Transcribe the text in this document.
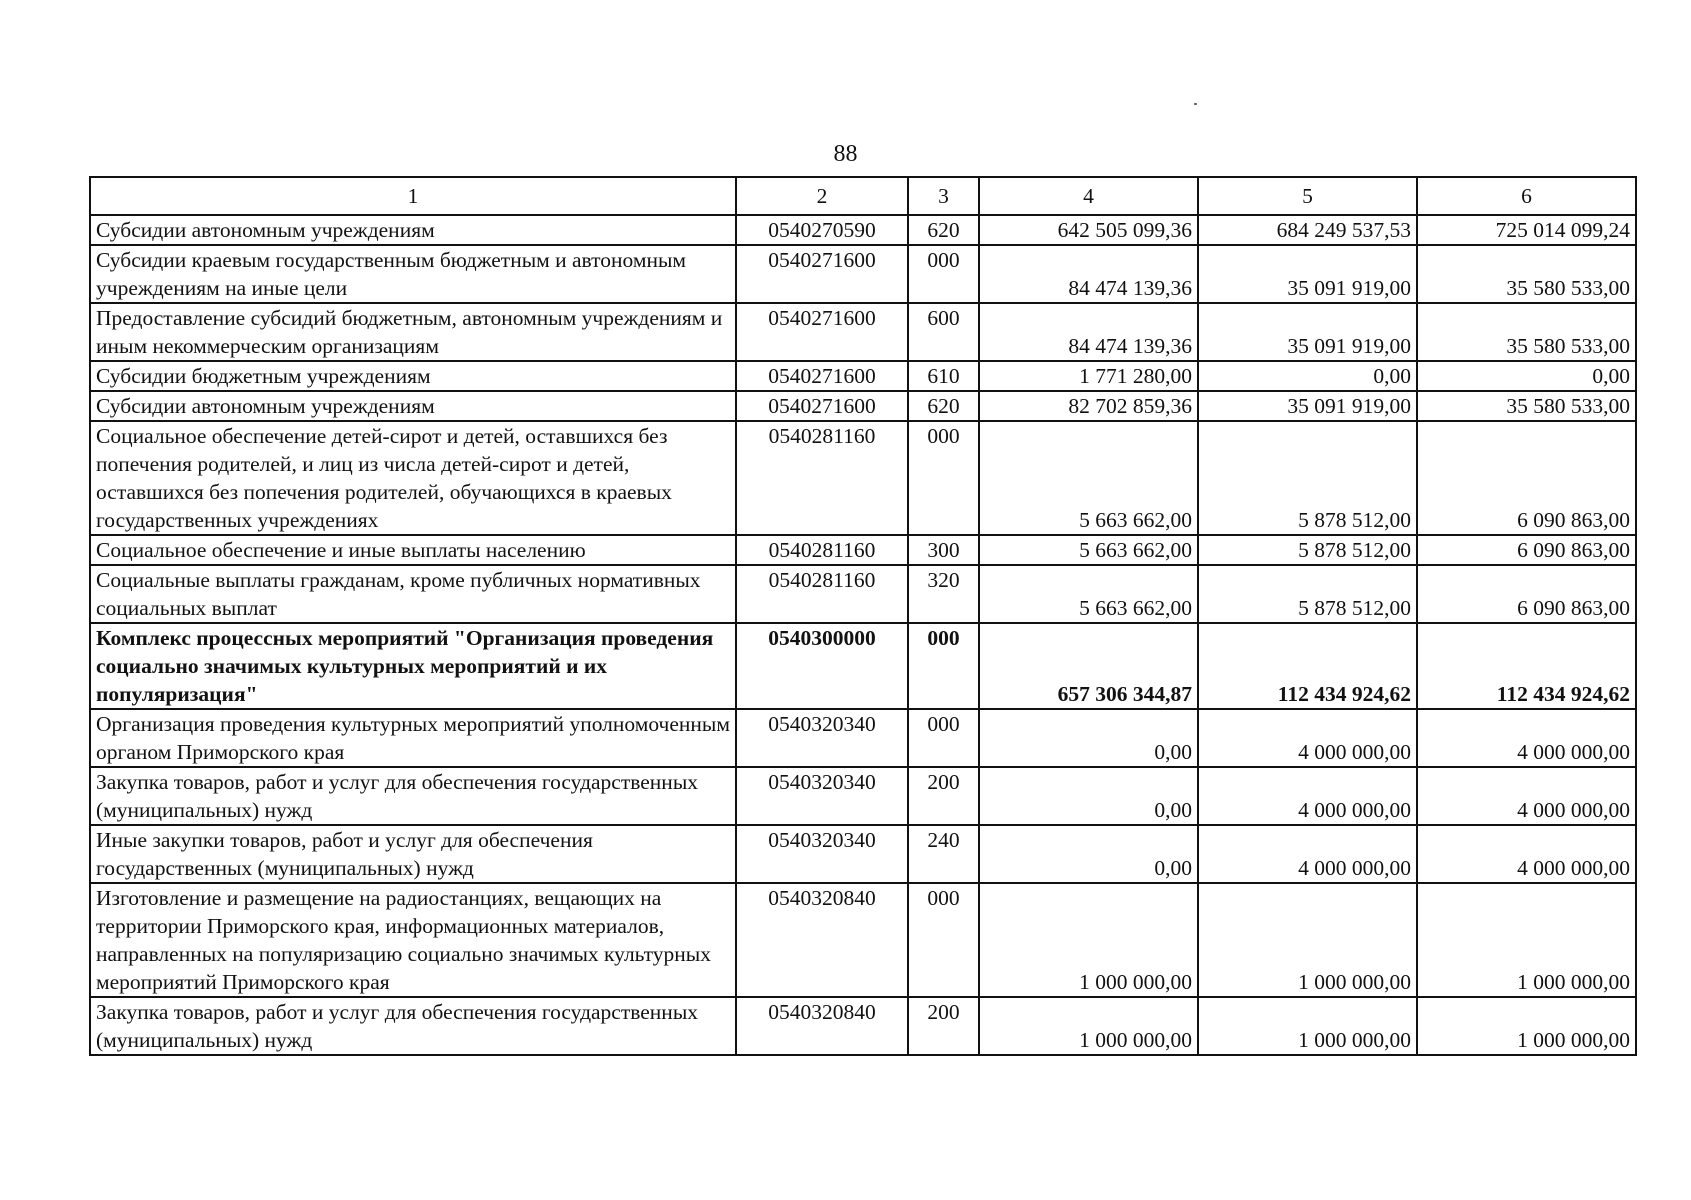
88
1	2	3	4	5	6
Субсидии автономным учреждениям	0540270590	620	642 505 099,36	684 249 537,53	725 014 099,24
Субсидии краевым государственным бюджетным и автономным учреждениям на иные цели	0540271600	000	84 474 139,36	35 091 919,00	35 580 533,00
Предоставление субсидий бюджетным, автономным учреждениям и иным некоммерческим организациям	0540271600	600	84 474 139,36	35 091 919,00	35 580 533,00
Субсидии бюджетным учреждениям	0540271600	610	1 771 280,00	0,00	0,00
Субсидии автономным учреждениям	0540271600	620	82 702 859,36	35 091 919,00	35 580 533,00
Социальное обеспечение детей-сирот и детей, оставшихся без попечения родителей, и лиц из числа детей-сирот и детей, оставшихся без попечения родителей, обучающихся в краевых государственных учреждениях	0540281160	000	5 663 662,00	5 878 512,00	6 090 863,00
Социальное обеспечение и иные выплаты населению	0540281160	300	5 663 662,00	5 878 512,00	6 090 863,00
Социальные выплаты гражданам, кроме публичных нормативных социальных выплат	0540281160	320	5 663 662,00	5 878 512,00	6 090 863,00
Комплекс процессных мероприятий "Организация проведения социально значимых культурных мероприятий и их популяризация"	0540300000	000	657 306 344,87	112 434 924,62	112 434 924,62
Организация проведения культурных мероприятий уполномоченным органом Приморского края	0540320340	000	0,00	4 000 000,00	4 000 000,00
Закупка товаров, работ и услуг для обеспечения государственных (муниципальных) нужд	0540320340	200	0,00	4 000 000,00	4 000 000,00
Иные закупки товаров, работ и услуг для обеспечения государственных (муниципальных) нужд	0540320340	240	0,00	4 000 000,00	4 000 000,00
Изготовление и размещение на радиостанциях, вещающих на территории Приморского края, информационных материалов, направленных на популяризацию социально значимых культурных мероприятий Приморского края	0540320840	000	1 000 000,00	1 000 000,00	1 000 000,00
Закупка товаров, работ и услуг для обеспечения государственных (муниципальных) нужд	0540320840	200	1 000 000,00	1 000 000,00	1 000 000,00
